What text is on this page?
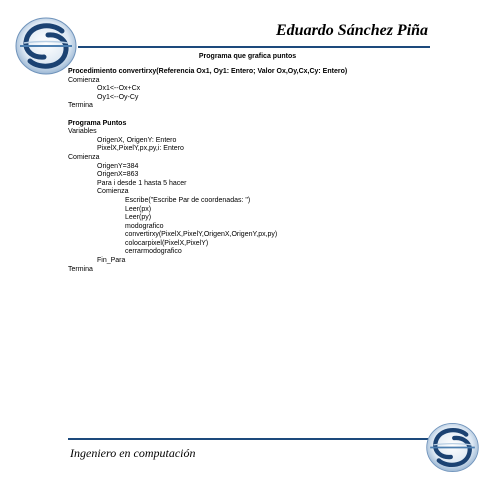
Eduardo Sánchez Piña
Programa que grafica puntos
Procedimiento convertirxy(Referencia Ox1, Oy1: Entero; Valor Ox,Oy,Cx,Cy: Entero)
Comienza
Ox1<--Ox+Cx
Oy1<--Oy-Cy
Termina
Programa Puntos
Variables
OrigenX, OrigenY: Entero
PixelX,PixelY,px,py,i: Entero
Comienza
OrigenY=384
OrigenX=863
Para i desde 1 hasta 5 hacer
Comienza
Escribe("Escribe Par de coordenadas: ")
Leer(px)
Leer(py)
modografico
convertirxy(PixelX,PixelY,OrigenX,OrigenY,px,py)
colocarpixel(PixelX,PixelY)
cerrarmodografico
Fin_Para
Termina
Ingeniero en computación
